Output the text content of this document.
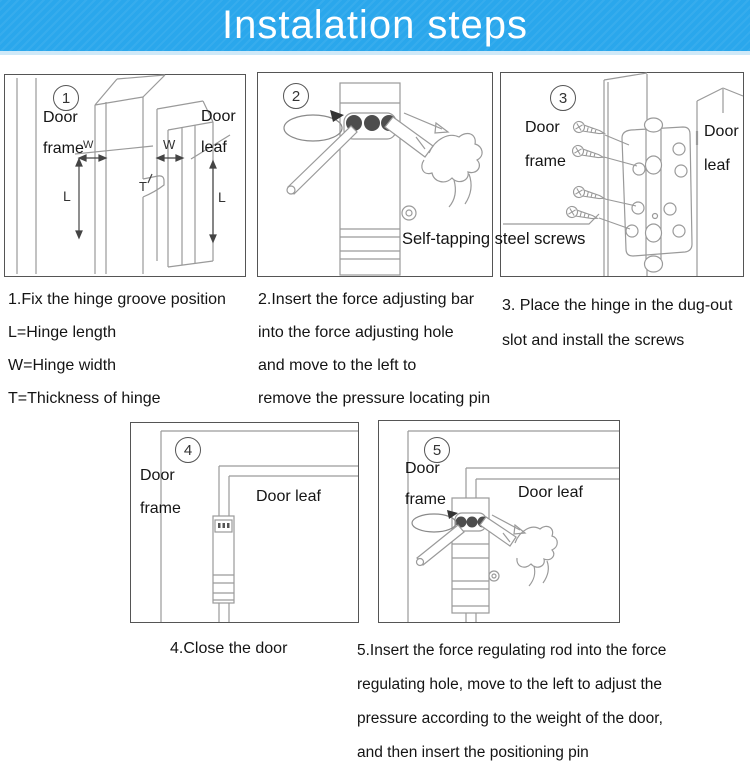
Instalation steps
1
Door frame
Door leaf
W	W
T
L	L
2	3
Door frame
Door leaf
4
Door frame
Door leaf
5
Door frame	Door leaf
Self-tapping steel screws
1.Fix the hinge groove position
L=Hinge length
W=Hinge width
T=Thickness of hinge
2.Insert the force adjusting bar
into the force adjusting hole
and move to the left to
remove the pressure locating pin
3. Place the hinge in the dug-out
slot and install the screws
4.Close the door	5.Insert the force regulating rod into the force
regulating hole, move to the left to adjust the
pressure according to the weight of the door,
and then insert the positioning pin
